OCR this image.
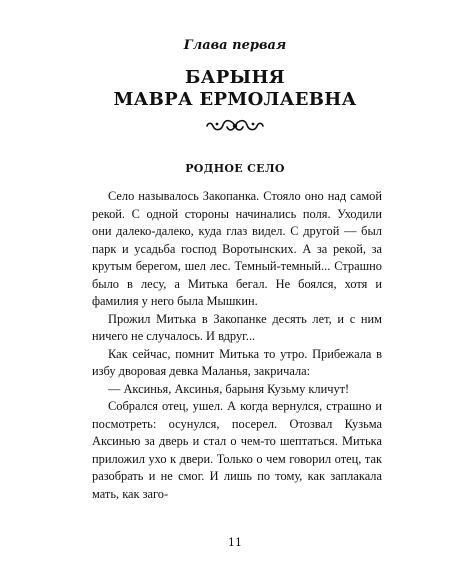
Глава первая
БАРЫНЯ
МАВРА ЕРМОЛАЕВНА
РОДНОЕ СЕЛО

Село называлось Закопанка. Стояло оно над самой рекой. С одной стороны начинались поля. Уходили они далеко-далеко, куда глаз видел. С другой — был парк и усадьба господ Воротынских. А за рекой, за крутым берегом, шел лес. Темный-темный... Страшно было в лесу, а Митька бегал. Не боялся, хотя и фамилия у него была Мышкин.

Прожил Митька в Закопанке десять лет, и с ним ничего не случалось. И вдруг...

Как сейчас, помнит Митька то утро. Прибежала в избу дворовая девка Маланья, закричала:

— Аксинья, Аксинья, барыня Кузьму кличут!

Собрался отец, ушел. А когда вернулся, страшно и посмотреть: осунулся, посерел. Отозвал Кузьма Аксинью за дверь и стал о чем-то шептаться. Митька приложил ухо к двери. Только о чем говорил отец, так разобрать и не смог. И лишь по тому, как заплакала мать, как заго-

11
